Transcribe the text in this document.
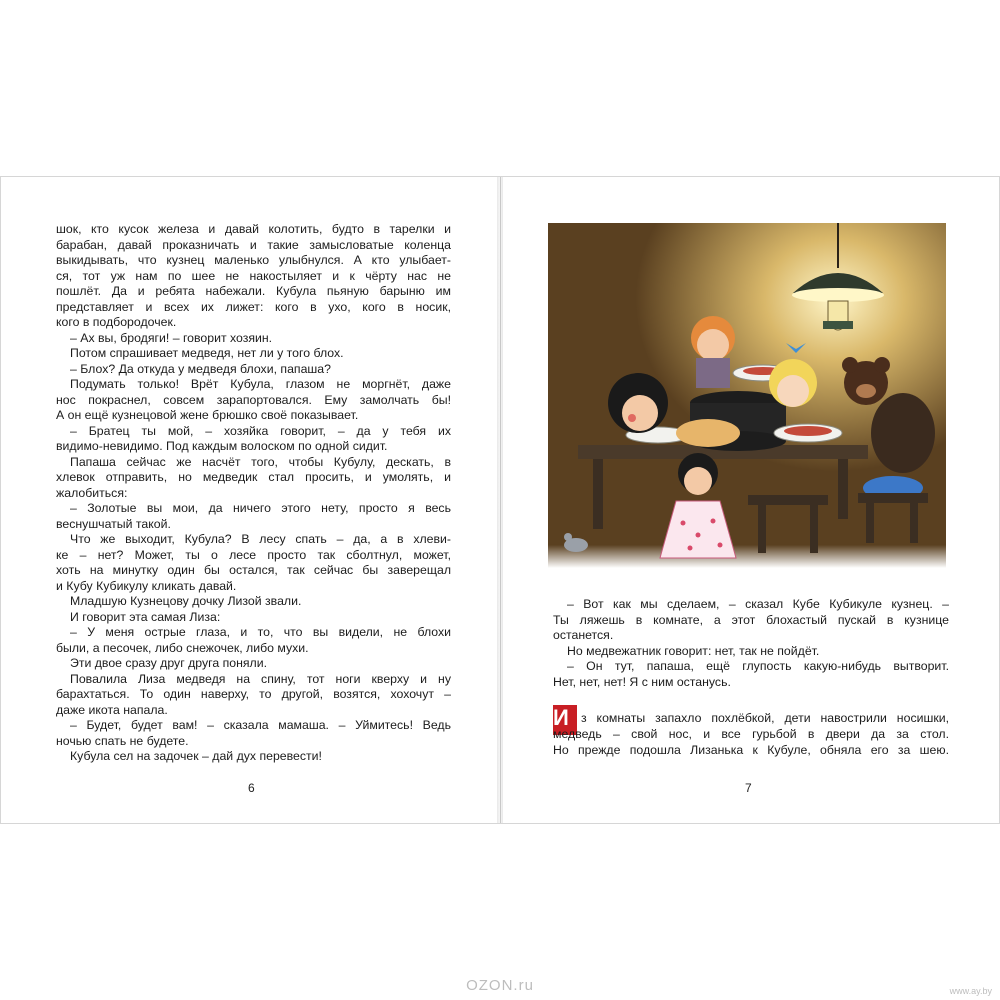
шок, кто кусок железа и давай колотить, будто в тарелки и
барабан, давай проказничать и такие замысловатые коленца
выкидывать, что кузнец маленько улыбнулся. А кто улыбает-
ся, тот уж нам по шее не накостыляет и к чёрту нас не
пошлёт. Да и ребята набежали. Кубула пьяную барыню им
представляет и всех их лижет: кого в ухо, кого в носик,
кого в подбородочек.
– Ах вы, бродяги! – говорит хозяин.
Потом спрашивает медведя, нет ли у того блох.
– Блох? Да откуда у медведя блохи, папаша?
Подумать только! Врёт Кубула, глазом не моргнёт, даже
нос покраснел, совсем зарапортовался. Ему замолчать бы!
А он ещё кузнецовой жене брюшко своё показывает.
– Братец ты мой, – хозяйка говорит, – да у тебя их
видимо-невидимо. Под каждым волоском по одной сидит.
Папаша сейчас же насчёт того, чтобы Кубулу, дескать, в
хлевок отправить, но медведик стал просить, и умолять, и
жалобиться:
– Золотые вы мои, да ничего этого нету, просто я весь
веснушчатый такой.
Что же выходит, Кубула? В лесу спать – да, а в хлеви-
ке – нет? Может, ты о лесе просто так сболтнул, может,
хоть на минутку один бы остался, так сейчас бы заверещал
и Кубу Кубикулу кликать давай.
Младшую Кузнецову дочку Лизой звали.
И говорит эта самая Лиза:
– У меня острые глаза, и то, что вы видели, не блохи
были, а песочек, либо снежочек, либо мухи.
Эти двое сразу друг друга поняли.
Повалила Лиза медведя на спину, тот ноги кверху и ну
барахтаться. То один наверху, то другой, возятся, хохочут –
даже икота напала.
– Будет, будет вам! – сказала мамаша. – Уймитесь! Ведь
ночью спать не будете.
Кубула сел на задочек – дай дух перевести!
6
– Вот как мы сделаем, – сказал Кубе Кубикуле кузнец. –
Ты ляжешь в комнате, а этот блохастый пускай в кузнице
останется.
Но медвежатник говорит: нет, так не пойдёт.
– Он тут, папаша, ещё глупость какую-нибудь вытворит.
Нет, нет, нет! Я с ним останусь.
И з комнаты запахло похлёбкой, дети навострили носишки,
медведь – свой нос, и все гурьбой в двери да за стол.
Но прежде подошла Лизанька к Кубуле, обняла его за шею.
7
OZON.ru	www.ay.by
